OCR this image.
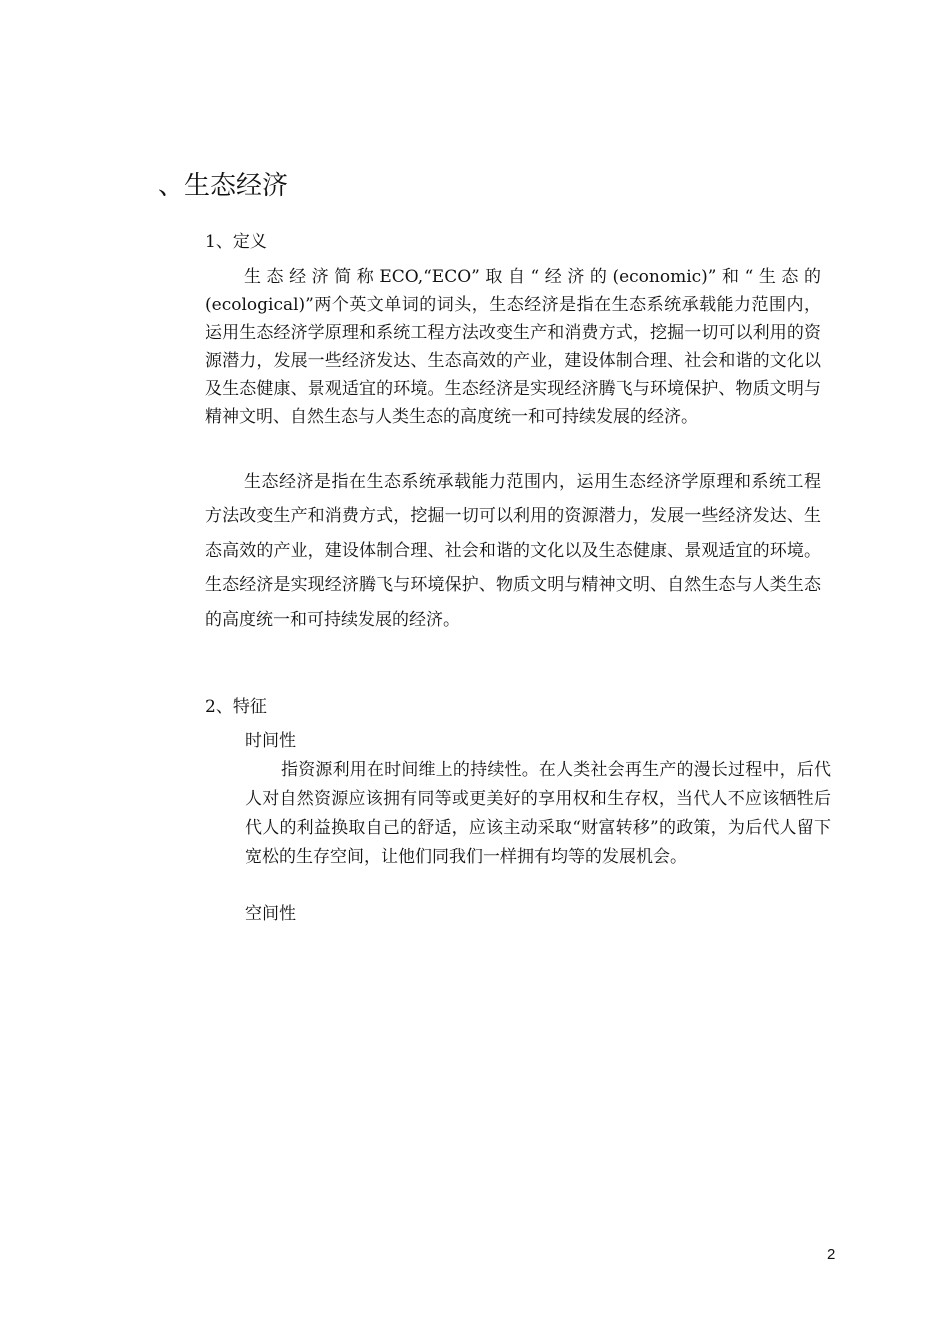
、生态经济
1、定义

生态经济简称ECO,“ECO”取自“经济的(economic)”和“生态的(ecological)”两个英文单词的词头，生态经济是指在生态系统承载能力范围内，运用生态经济学原理和系统工程方法改变生产和消费方式，挖掘一切可以利用的资源潜力，发展一些经济发达、生态高效的产业，建设体制合理、社会和谐的文化以及生态健康、景观适宜的环境。生态经济是实现经济腾飞与环境保护、物质文明与精神文明、自然生态与人类生态的高度统一和可持续发展的经济。

生态经济是指在生态系统承载能力范围内，运用生态经济学原理和系统工程方法改变生产和消费方式，挖掘一切可以利用的资源潜力，发展一些经济发达、生态高效的产业，建设体制合理、社会和谐的文化以及生态健康、景观适宜的环境。生态经济是实现经济腾飞与环境保护、物质文明与精神文明、自然生态与人类生态的高度统一和可持续发展的经济。

2、特征
时间性

指资源利用在时间维上的持续性。在人类社会再生产的漫长过程中，后代人对自然资源应该拥有同等或更美好的享用权和生存权，当代人不应该牺牲后代人的利益换取自己的舒适，应该主动采取“财富转移”的政策，为后代人留下宽松的生存空间，让他们同我们一样拥有均等的发展机会。

空间性
2
